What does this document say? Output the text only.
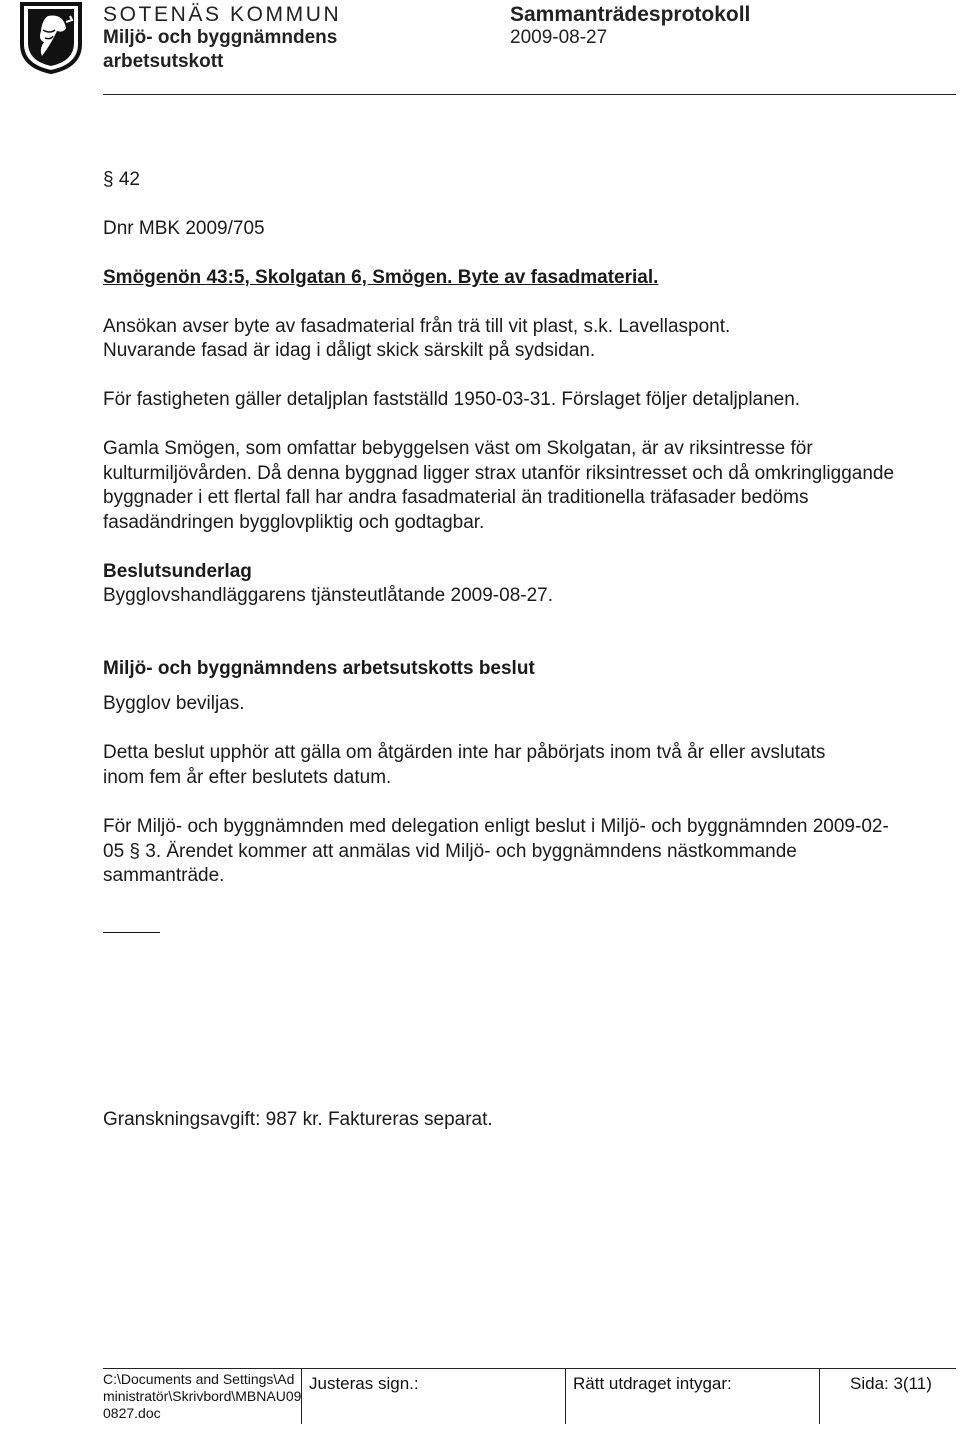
SOTENÄS KOMMUN
Miljö- och byggnämndens
arbetsutskott
Sammanträdesprotokoll
2009-08-27
§ 42
Dnr MBK 2009/705
Smögenön 43:5, Skolgatan 6, Smögen. Byte av fasadmaterial.
Ansökan avser byte av fasadmaterial från trä till vit plast, s.k. Lavellaspont.
Nuvarande fasad är idag i dåligt skick särskilt på sydsidan.
För fastigheten gäller detaljplan fastställd 1950-03-31. Förslaget följer detaljplanen.
Gamla Smögen, som omfattar bebyggelsen väst om Skolgatan, är av riksintresse för kulturmiljövården. Då denna byggnad ligger strax utanför riksintresset och då omkringliggande byggnader i ett flertal fall har andra fasadmaterial än traditionella träfasader bedöms fasadändringen bygglovpliktig och godtagbar.
Beslutsunderlag
Bygglovshandläggarens tjänsteutlåtande 2009-08-27.
Miljö- och byggnämndens arbetsutskotts beslut
Bygglov beviljas.
Detta beslut upphör att gälla om åtgärden inte har påbörjats inom två år eller avslutats inom fem år efter beslutets datum.
För Miljö- och byggnämnden med delegation enligt beslut i Miljö- och byggnämnden 2009-02-05 § 3. Ärendet kommer att anmälas vid Miljö- och byggnämndens nästkommande sammanträde.
Granskningsavgift: 987 kr. Faktureras separat.
C:\Documents and Settings\Administratör\Skrivbord\MBNAU090827.doc
Justeras sign.:	Rätt utdraget intygar:	Sida: 3(11)
